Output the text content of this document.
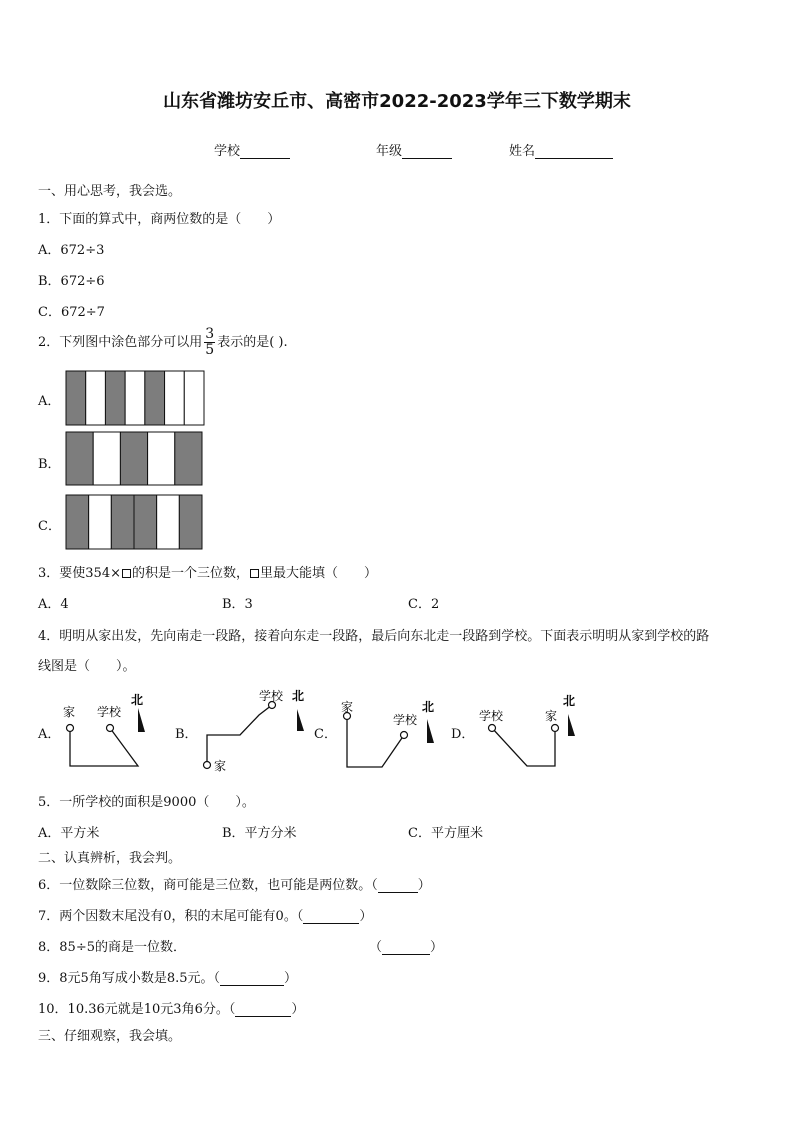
山东省潍坊安丘市、高密市2022-2023学年三下数学期末
学校	年级	姓名
一、用心思考，我会选。
1．下面的算式中，商两位数的是（　　）
A．672÷3
B．672÷6
C．672÷7
2．下列图中涂色部分可以用 $\frac{3}{5}$ 表示的是( ).
A．
B．
C．
3．要使354× 的积是一个三位数， 里最大能填（　　）
A．4	B．3	C．2
4．明明从家出发，先向南走一段路，接着向东走一段路，最后向东北走一段路到学校。下面表示明明从家到学校的路
线图是（　　）。
A．	B．	C．	D．
家 学校
北
家
学校 北
家
学校
北
学校	家
北
5．一所学校的面积是9000（　　）。
A．平方米	B．平方分米	C．平方厘米
二、认真辨析，我会判。
6．一位数除三位数，商可能是三位数，也可能是两位数。（	）
7．两个因数末尾没有0，积的末尾可能有0。（	）
8．85÷5的商是一位数．	（	）
9．8元5角写成小数是8.5元。（	）
10．10.36元就是10元3角6分。（	）
三、仔细观察，我会填。
